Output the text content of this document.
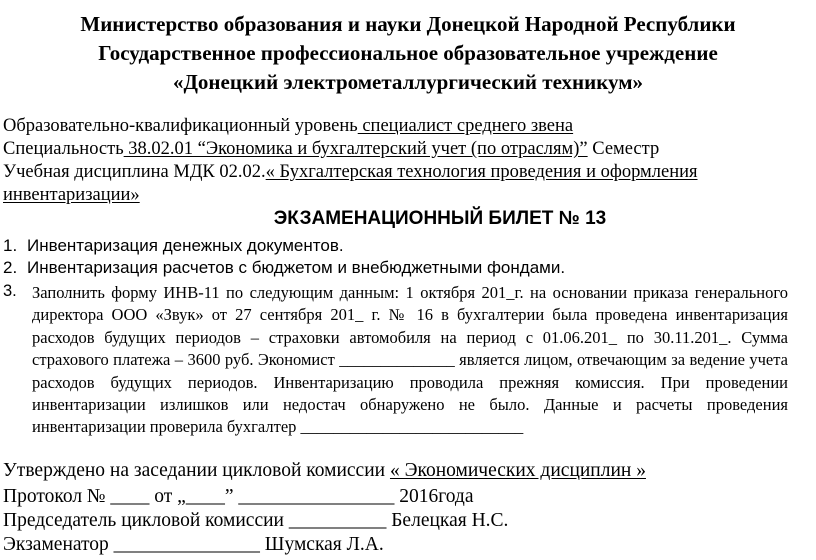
Министерство образования и науки Донецкой Народной Республики
Государственное профессиональное образовательное учреждение
«Донецкий электрометаллургический техникум»
Образовательно-квалификационный уровень специалист среднего звена
Специальность 38.02.01 “Экономика и бухгалтерский учет (по отраслям)” Семестр
Учебная дисциплина МДК 02.02.« Бухгалтерская технология проведения и оформления
инвентаризации»
ЭКЗАМЕНАЦИОННЫЙ БИЛЕТ № 13
1. Инвентаризация денежных документов.
2. Инвентаризация расчетов с бюджетом и внебюджетными фондами.
3. Заполнить форму ИНВ-11 по следующим данным: 1 октября 201_г. на основании приказа генерального директора ООО «Звук» от 27 сентября 201_ г. № 16 в бухгалтерии была проведена инвентаризация расходов будущих периодов – страховки автомобиля на период с 01.06.201_ по 30.11.201_. Сумма страхового платежа – 3600 руб. Экономист ______________ является лицом, отвечающим за ведение учета расходов будущих периодов. Инвентаризацию проводила прежняя комиссия. При проведении инвентаризации излишков или недостач обнаружено не было. Данные и расчеты проведения инвентаризации проверила бухгалтер ___________________________
Утверждено на заседании цикловой комиссии « Экономических дисциплин »
Протокол № ____ от „____” ________________ 2016года
Председатель цикловой комиссии __________ Белецкая Н.С.
Экзаменатор _______________ Шумская Л.А.
